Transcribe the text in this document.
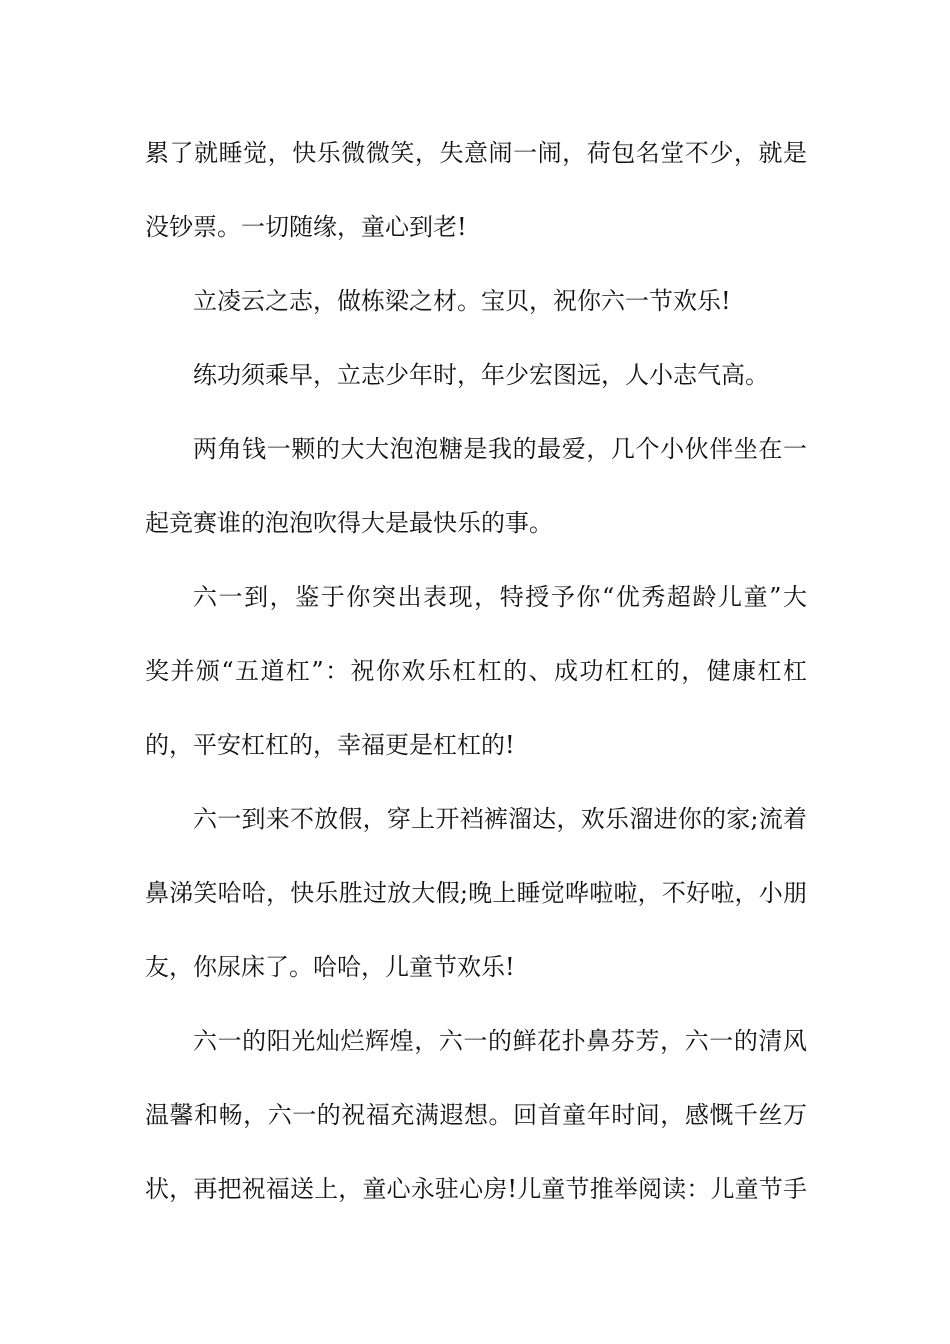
累了就睡觉，快乐微微笑，失意闹一闹，荷包名堂不少，就是
没钞票。一切随缘，童心到老!
立凌云之志，做栋梁之材。宝贝，祝你六一节欢乐!
练功须乘早，立志少年时，年少宏图远，人小志气高。
两角钱一颗的大大泡泡糖是我的最爱，几个小伙伴坐在一
起竞赛谁的泡泡吹得大是最快乐的事。
六一到，鉴于你突出表现，特授予你“优秀超龄儿童”大
奖并颁“五道杠”：祝你欢乐杠杠的、成功杠杠的，健康杠杠
的，平安杠杠的，幸福更是杠杠的!
六一到来不放假，穿上开裆裤溜达，欢乐溜进你的家;流着
鼻涕笑哈哈，快乐胜过放大假;晚上睡觉哗啦啦，不好啦，小朋
友，你尿床了。哈哈，儿童节欢乐!
六一的阳光灿烂辉煌，六一的鲜花扑鼻芬芳，六一的清风
温馨和畅，六一的祝福充满遐想。回首童年时间，感慨千丝万
状，再把祝福送上，童心永驻心房!儿童节推举阅读：儿童节手
